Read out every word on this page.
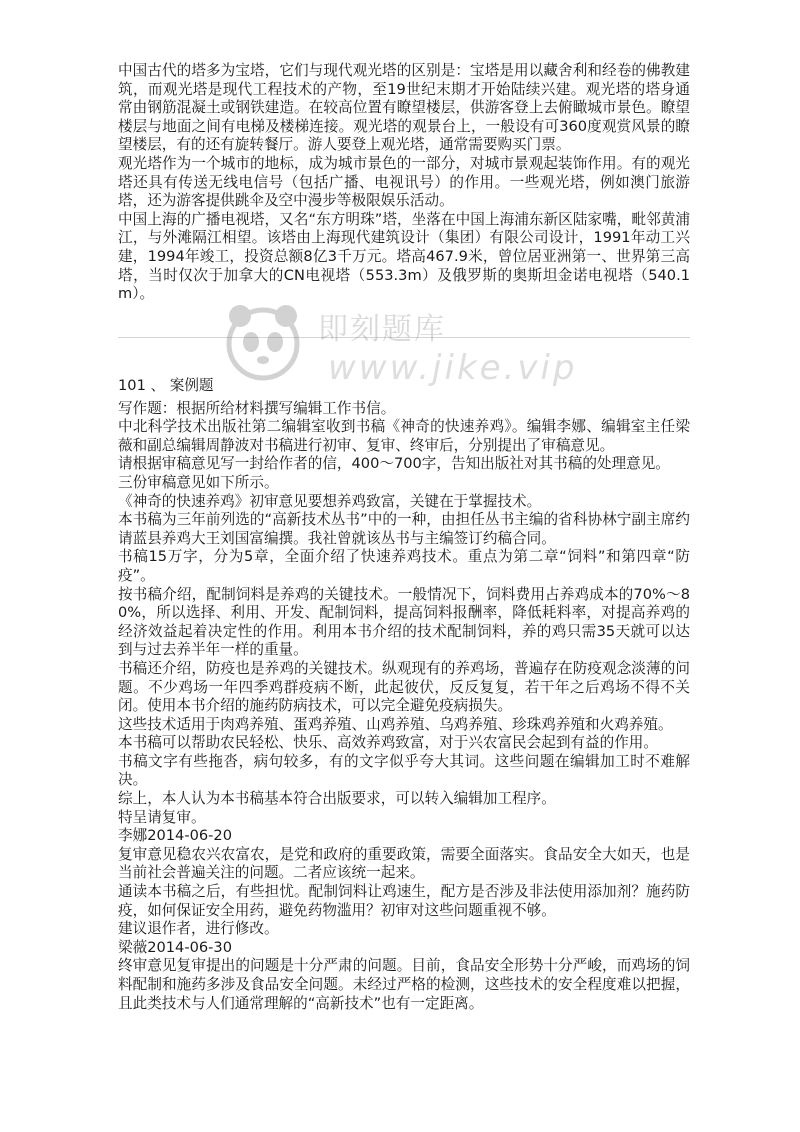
中国古代的塔多为宝塔，它们与现代观光塔的区别是：宝塔是用以藏舍利和经卷的佛教建筑，而观光塔是现代工程技术的产物，至19世纪末期才开始陆续兴建。观光塔的塔身通常由钢筋混凝土或钢铁建造。在较高位置有瞭望楼层，供游客登上去俯瞰城市景色。瞭望楼层与地面之间有电梯及楼梯连接。观光塔的观景台上，一般设有可360度观赏风景的瞭望楼层，有的还有旋转餐厅。游人要登上观光塔，通常需要购买门票。

观光塔作为一个城市的地标，成为城市景色的一部分，对城市景观起装饰作用。有的观光塔还具有传送无线电信号（包括广播、电视讯号）的作用。一些观光塔，例如澳门旅游塔，还为游客提供跳伞及空中漫步等极限娱乐活动。

中国上海的广播电视塔，又名“东方明珠”塔，坐落在中国上海浦东新区陆家嘴，毗邻黄浦江，与外滩隔江相望。该塔由上海现代建筑设计（集团）有限公司设计，1991年动工兴建，1994年竣工，投资总额8亿3千万元。塔高467.9米，曾位居亚洲第一、世界第三高塔，当时仅次于加拿大的CN电视塔（553.3m）及俄罗斯的奥斯坦金诺电视塔（540.1m）。

即刻题库
www.jike.vip

101 、 案例题

写作题：根据所给材料撰写编辑工作书信。

中北科学技术出版社第二编辑室收到书稿《神奇的快速养鸡》。编辑李娜、编辑室主任梁薇和副总编辑周静波对书稿进行初审、复审、终审后，分别提出了审稿意见。

请根据审稿意见写一封给作者的信，400～700字，告知出版社对其书稿的处理意见。

三份审稿意见如下所示。

《神奇的快速养鸡》初审意见要想养鸡致富，关键在于掌握技术。

本书稿为三年前列选的“高新技术丛书”中的一种，由担任丛书主编的省科协林宁副主席约请蓝县养鸡大王刘国富编撰。我社曾就该丛书与主编签订约稿合同。

书稿15万字，分为5章，全面介绍了快速养鸡技术。重点为第二章“饲料”和第四章“防疫”。

按书稿介绍，配制饲料是养鸡的关键技术。一般情况下，饲料费用占养鸡成本的70%～80%，所以选择、利用、开发、配制饲料，提高饲料报酬率，降低耗料率，对提高养鸡的经济效益起着决定性的作用。利用本书介绍的技术配制饲料，养的鸡只需35天就可以达到与过去养半年一样的重量。

书稿还介绍，防疫也是养鸡的关键技术。纵观现有的养鸡场，普遍存在防疫观念淡薄的问题。不少鸡场一年四季鸡群疫病不断，此起彼伏，反反复复，若干年之后鸡场不得不关闭。使用本书介绍的施药防病技术，可以完全避免疫病损失。

这些技术适用于肉鸡养殖、蛋鸡养殖、山鸡养殖、乌鸡养殖、珍珠鸡养殖和火鸡养殖。

本书稿可以帮助农民轻松、快乐、高效养鸡致富，对于兴农富民会起到有益的作用。

书稿文字有些拖沓，病句较多，有的文字似乎夸大其词。这些问题在编辑加工时不难解决。

综上，本人认为本书稿基本符合出版要求，可以转入编辑加工程序。

特呈请复审。

李娜2014-06-20

复审意见稳农兴农富农，是党和政府的重要政策，需要全面落实。食品安全大如天，也是当前社会普遍关注的问题。二者应该统一起来。

通读本书稿之后，有些担忧。配制饲料让鸡速生，配方是否涉及非法使用添加剂？施药防疫，如何保证安全用药，避免药物滥用？初审对这些问题重视不够。

建议退作者，进行修改。

梁薇2014-06-30

终审意见复审提出的问题是十分严肃的问题。目前，食品安全形势十分严峻，而鸡场的饲料配制和施药多涉及食品安全问题。未经过严格的检测，这些技术的安全程度难以把握，且此类技术与人们通常理解的“高新技术”也有一定距离。
